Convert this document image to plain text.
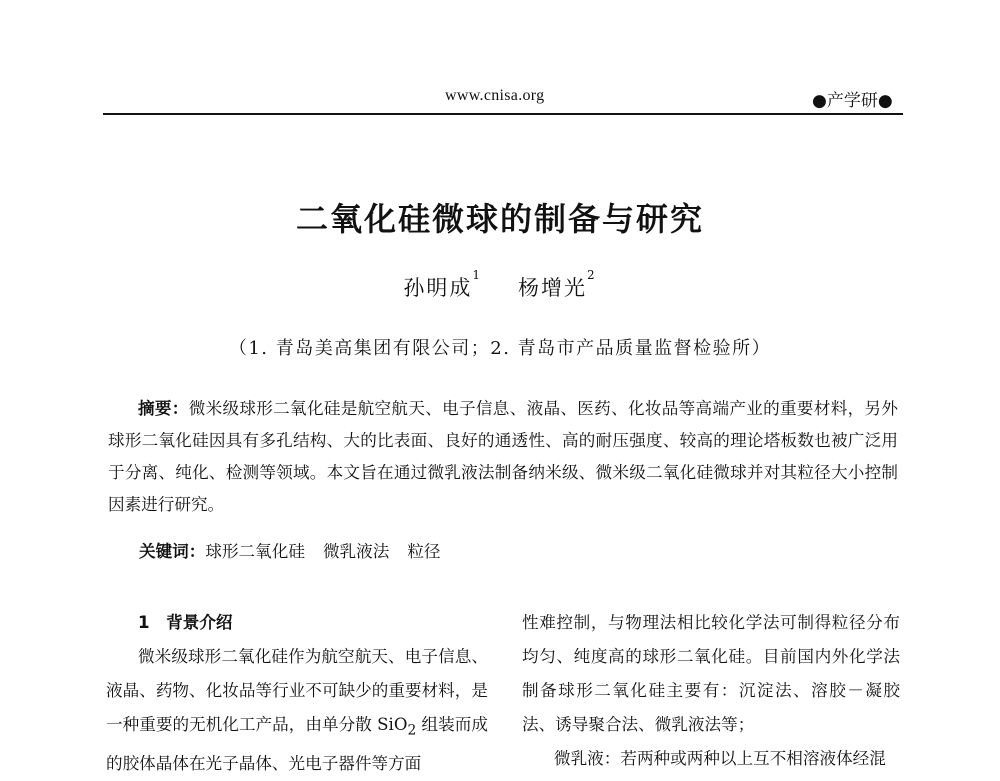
www.cnisa.org	●产学研●
二氧化硅微球的制备与研究
孙明成$^1$杨增光$^2$
（1. 青岛美高集团有限公司；2. 青岛市产品质量监督检验所）
摘要：微米级球形二氧化硅是航空航天、电子信息、液晶、医药、化妆品等高端产业的重要材料，另外球形二氧化硅因具有多孔结构、大的比表面、良好的通透性、高的耐压强度、较高的理论塔板数也被广泛用于分离、纯化、检测等领域。本文旨在通过微乳液法制备纳米级、微米级二氧化硅微球并对其粒径大小控制因素进行研究。
关键词：球形二氧化硅 微乳液法 粒径
1　背景介绍
微米级球形二氧化硅作为航空航天、电子信息、液晶、药物、化妆品等行业不可缺少的重要材料，是一种重要的无机化工产品，由单分散 SiO$_2$ 组装而成的胶体晶体在光子晶体、光电子器件等方面
性难控制，与物理法相比较化学法可制得粒径分布均匀、纯度高的球形二氧化硅。目前国内外化学法制备球形二氧化硅主要有：沉淀法、溶胶－凝胶法、诱导聚合法、微乳液法等；
微乳液：若两种或两种以上互不相溶液体经混
